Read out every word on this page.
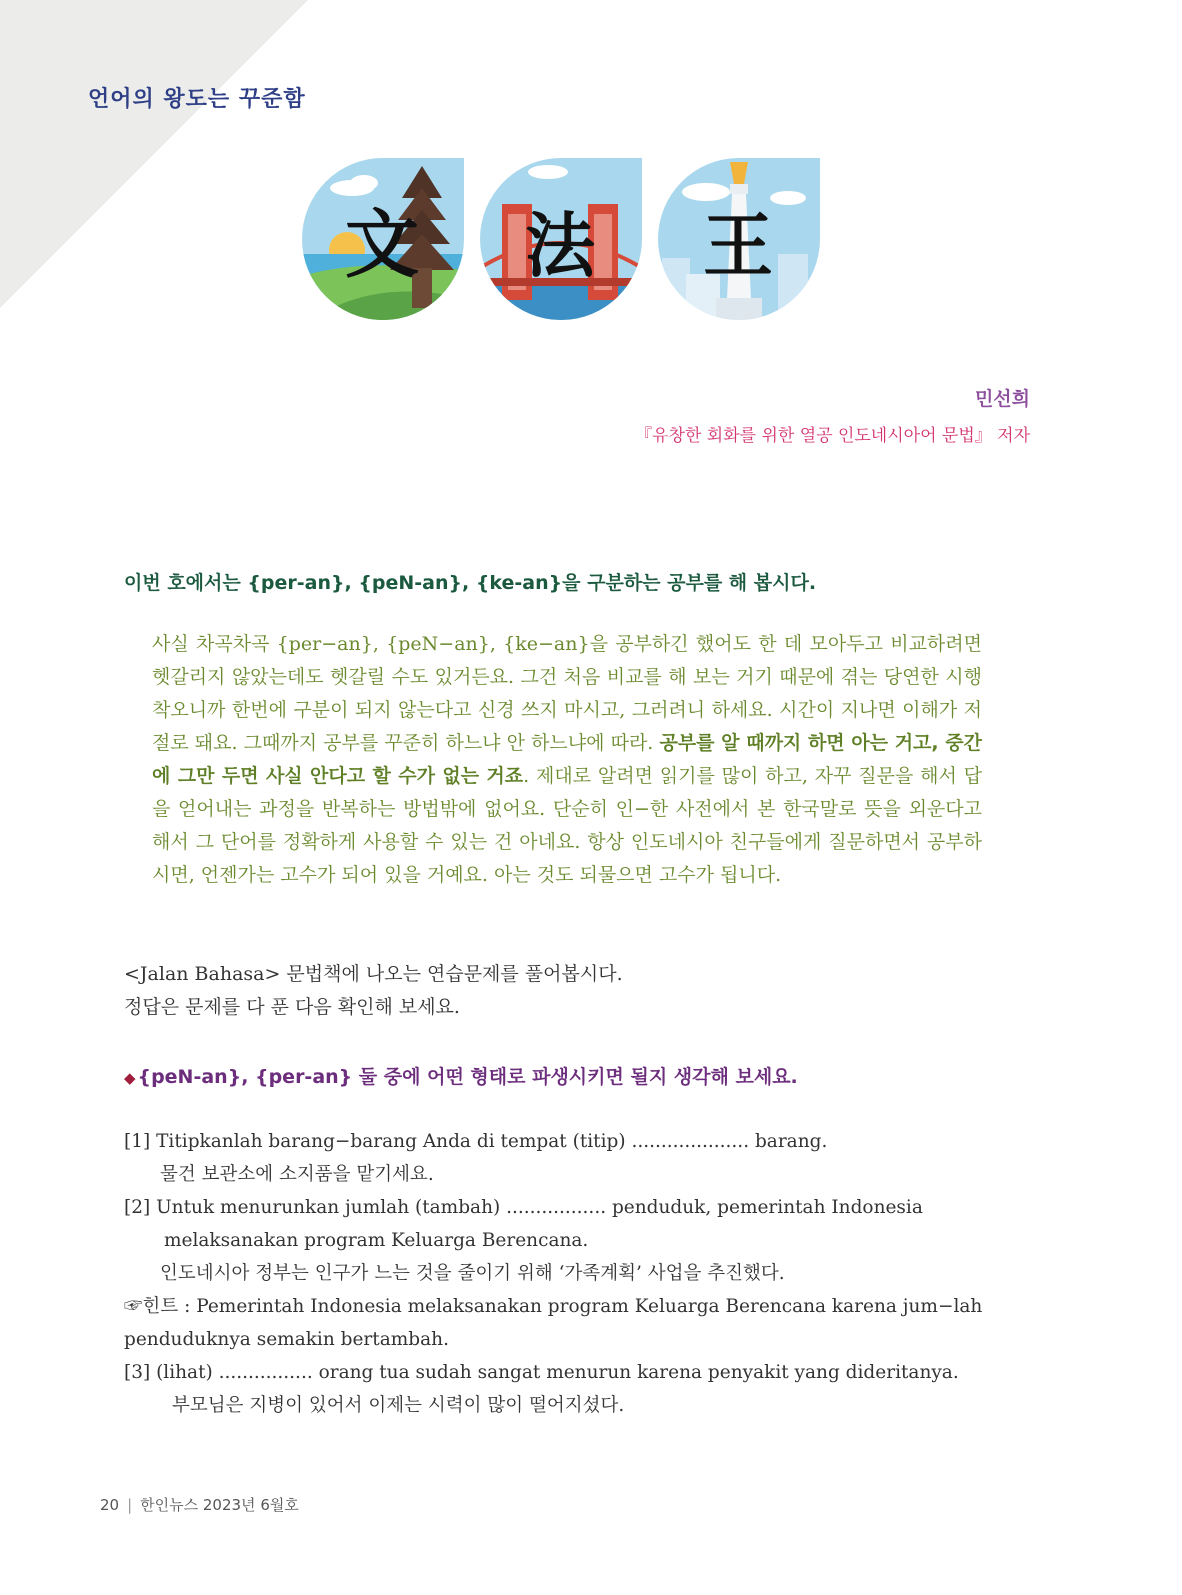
언어의 왕도는 꾸준함
文 法 王
민선희
『유창한 회화를 위한 열공 인도네시아어 문법』 저자
이번 호에서는 {per-an}, {peN-an}, {ke-an}을 구분하는 공부를 해 봅시다.

사실 차곡차곡 {per−an}, {peN−an}, {ke−an}을 공부하긴 했어도 한 데 모아두고 비교하려면 헷갈리지 않았는데도 헷갈릴 수도 있거든요. 그건 처음 비교를 해 보는 거기 때문에 겪는 당연한 시행착오니까 한번에 구분이 되지 않는다고 신경 쓰지 마시고, 그러려니 하세요. 시간이 지나면 이해가 저절로 돼요. 그때까지 공부를 꾸준히 하느냐 안 하느냐에 따라. 공부를 알 때까지 하면 아는 거고, 중간에 그만 두면 사실 안다고 할 수가 없는 거죠. 제대로 알려면 읽기를 많이 하고, 자꾸 질문을 해서 답을 얻어내는 과정을 반복하는 방법밖에 없어요. 단순히 인−한 사전에서 본 한국말로 뜻을 외운다고 해서 그 단어를 정확하게 사용할 수 있는 건 아네요. 항상 인도네시아 친구들에게 질문하면서 공부하시면, 언젠가는 고수가 되어 있을 거예요. 아는 것도 되물으면 고수가 됩니다.

<Jalan Bahasa> 문법책에 나오는 연습문제를 풀어봅시다.

정답은 문제를 다 푼 다음 확인해 보세요.

◆ {peN-an}, {per-an} 둘 중에 어떤 형태로 파생시키면 될지 생각해 보세요.

[1] Titipkanlah barang−barang Anda di tempat (titip) .................... barang.

물건 보관소에 소지품을 맡기세요.

[2] Untuk menurunkan jumlah (tambah) ................. penduduk, pemerintah Indonesia

melaksanakan program Keluarga Berencana.

인도네시아 정부는 인구가 느는 것을 줄이기 위해 ‘가족계획’ 사업을 추진했다.

☞힌트 : Pemerintah Indonesia melaksanakan program Keluarga Berencana karena jum−lah penduduknya semakin bertambah.

[3] (lihat) ................ orang tua sudah sangat menurun karena penyakit yang dideritanya.

부모님은 지병이 있어서 이제는 시력이 많이 떨어지셨다.

20 | 한인뉴스 2023년 6월호
